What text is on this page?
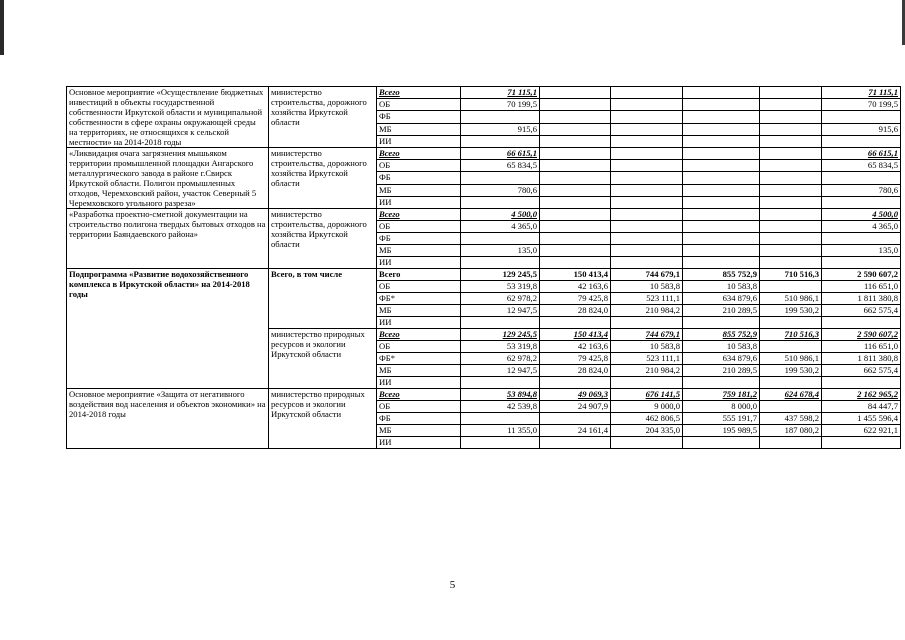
Основное мероприятие «Осуществление бюджетных инвестиций в объекты государственной собственности Иркутской области и муниципальной собственности в сфере охраны окружающей среды на территориях, не относящихся к сельской местности» на 2014-2018 годы	министерство строительства, дорожного хозяйства Иркутской области	Всего	71 115,1					71 115,1
		ОБ	70 199,5					70 199,5
		ФБ						
		МБ	915,6					915,6
		ИИ						
«Ликвидация очага загрязнения мышьяком территории промышленной площадки Ангарского металлургического завода в районе г.Свирск Иркутской области. Полигон промышленных отходов, Черемховский район, участок Северный 5 Черемховского угольного разреза»	министерство строительства, дорожного хозяйства Иркутской области	Всего	66 615,1					66 615,1
		ОБ	65 834,5					65 834,5
		ФБ						
		МБ	780,6					780,6
		ИИ						
«Разработка проектно-сметной документации на строительство полигона твердых бытовых отходов на территории Баяндаевского района»	министерство строительства, дорожного хозяйства Иркутской области	Всего	4 500,0					4 500,0
		ОБ	4 365,0					4 365,0
		ФБ						
		МБ	135,0					135,0
		ИИ						
Подпрограмма «Развитие водохозяйственного комплекса в Иркутской области» на 2014-2018 годы	Всего, в том числе	Всего	129 245,5	150 413,4	744 679,1	855 752,9	710 516,3	2 590 607,2
		ОБ	53 319,8	42 163,6	10 583,8	10 583,8		116 651,0
		ФБ*	62 978,2	79 425,8	523 111,1	634 879,6	510 986,1	1 811 380,8
		МБ	12 947,5	28 824,0	210 984,2	210 289,5	199 530,2	662 575,4
		ИИ						
	министерство природных ресурсов и экологии Иркутской области	Всего	129 245,5	150 413,4	744 679,1	855 752,9	710 516,3	2 590 607,2
		ОБ	53 319,8	42 163,6	10 583,8	10 583,8		116 651,0
		ФБ*	62 978,2	79 425,8	523 111,1	634 879,6	510 986,1	1 811 380,8
		МБ	12 947,5	28 824,0	210 984,2	210 289,5	199 530,2	662 575,4
		ИИ						
Основное мероприятие «Защита от негативного воздействия вод населения и объектов экономики» на 2014-2018 годы	министерство природных ресурсов и экологии Иркутской области	Всего	53 894,8	49 069,3	676 141,5	759 181,2	624 678,4	2 162 965,2
		ОБ	42 539,8	24 907,9	9 000,0	8 000,0		84 447,7
		ФБ			462 806,5	555 191,7	437 598,2	1 455 596,4
		МБ	11 355,0	24 161,4	204 335,0	195 989,5	187 080,2	622 921,1
		ИИ						
5
